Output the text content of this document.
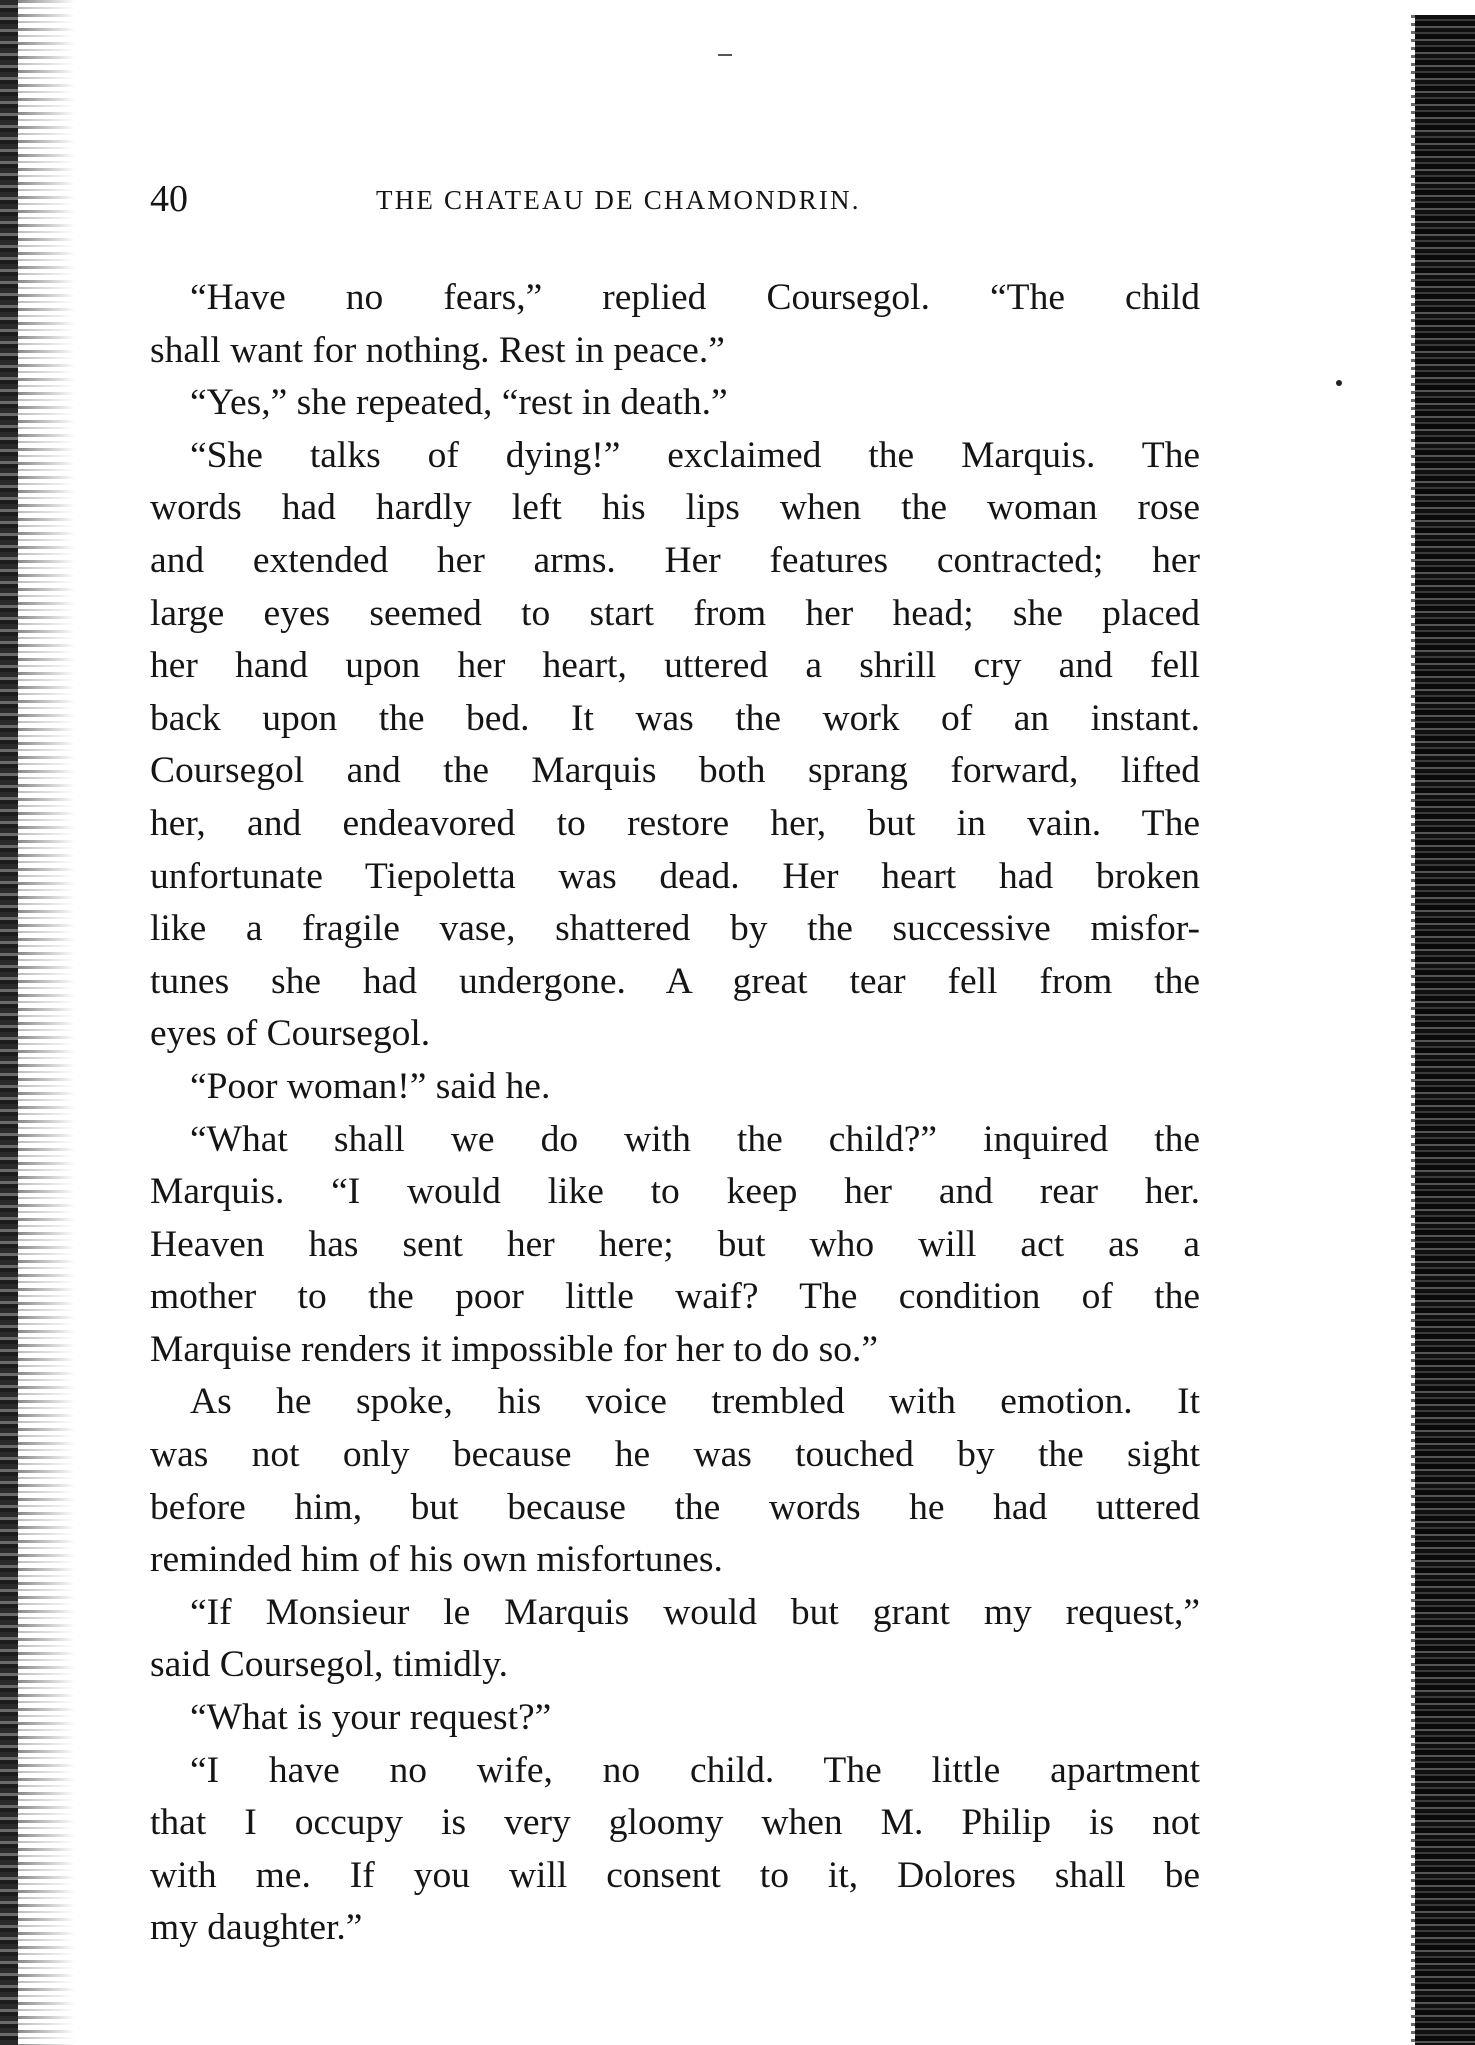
40	THE CHATEAU DE CHAMONDRIN.
“Have no fears,” replied Coursegol. “The child
shall want for nothing. Rest in peace.”
“Yes,” she repeated, “rest in death.”
“She talks of dying!” exclaimed the Marquis. The
words had hardly left his lips when the woman rose
and extended her arms. Her features contracted; her
large eyes seemed to start from her head; she placed
her hand upon her heart, uttered a shrill cry and fell
back upon the bed. It was the work of an instant.
Coursegol and the Marquis both sprang forward, lifted
her, and endeavored to restore her, but in vain. The
unfortunate Tiepoletta was dead. Her heart had broken
like a fragile vase, shattered by the successive misfor-
tunes she had undergone. A great tear fell from the
eyes of Coursegol.
“Poor woman!” said he.
“What shall we do with the child?” inquired the
Marquis. “I would like to keep her and rear her.
Heaven has sent her here; but who will act as a
mother to the poor little waif? The condition of the
Marquise renders it impossible for her to do so.”
As he spoke, his voice trembled with emotion. It
was not only because he was touched by the sight
before him, but because the words he had uttered
reminded him of his own misfortunes.
“If Monsieur le Marquis would but grant my request,”
said Coursegol, timidly.
“What is your request?”
“I have no wife, no child. The little apartment
that I occupy is very gloomy when M. Philip is not
with me. If you will consent to it, Dolores shall be
my daughter.”
